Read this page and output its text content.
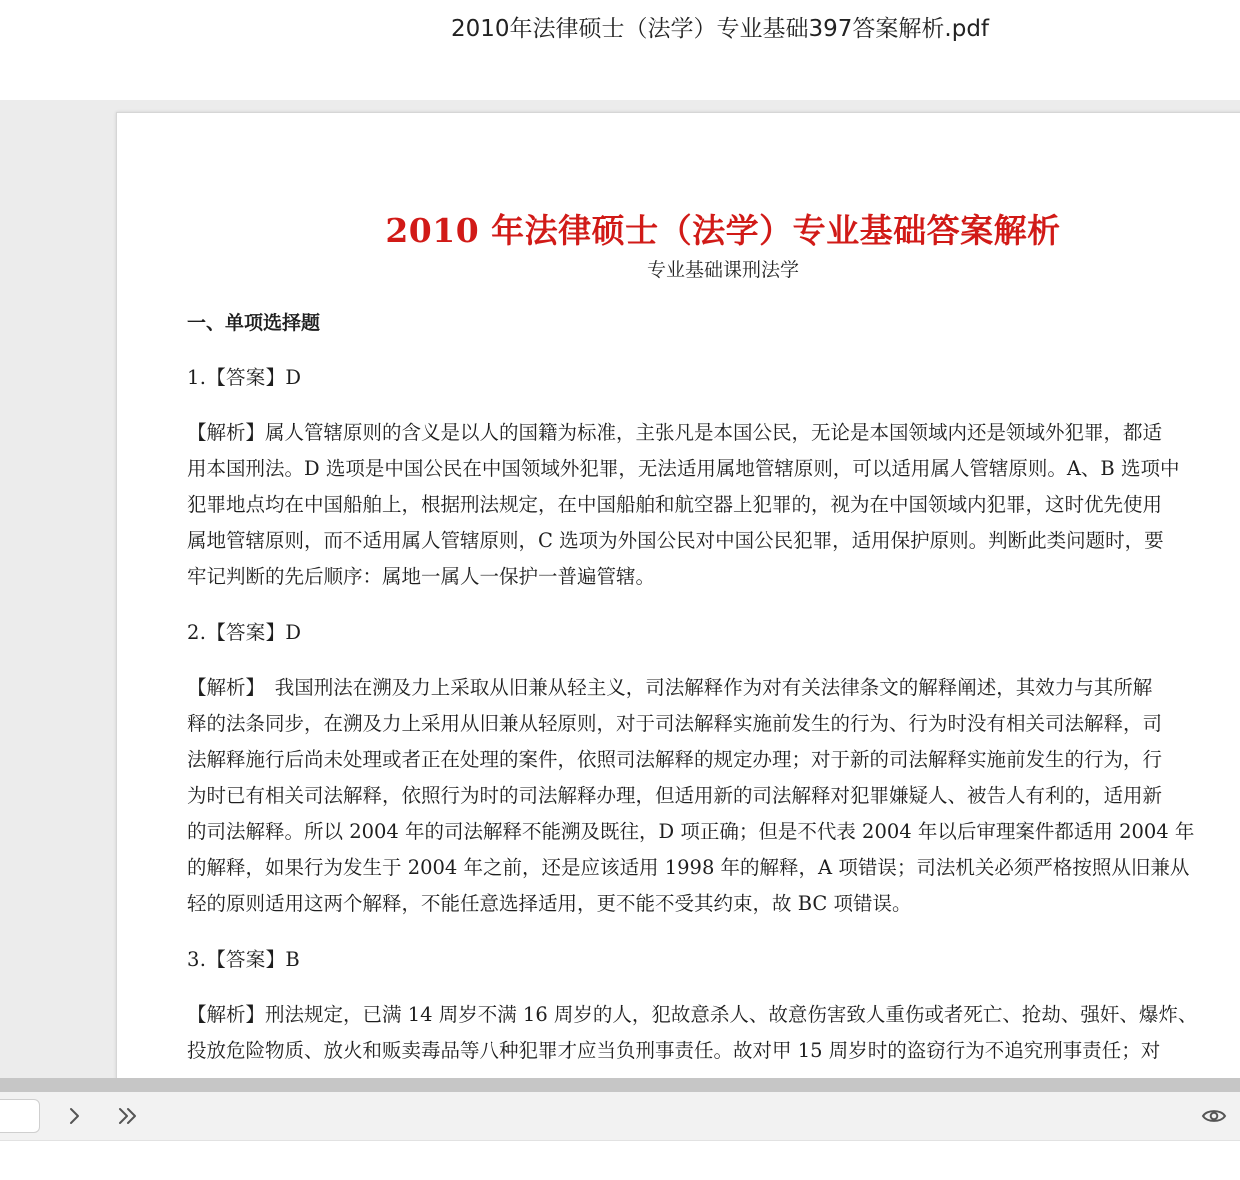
2010年法律硕士（法学）专业基础397答案解析.pdf
2010 年法律硕士（法学）专业基础答案解析
专业基础课刑法学
一、单项选择题
1.【答案】D
【解析】属人管辖原则的含义是以人的国籍为标准，主张凡是本国公民，无论是本国领域内还是领域外犯罪，都适
用本国刑法。D 选项是中国公民在中国领域外犯罪，无法适用属地管辖原则，可以适用属人管辖原则。A、B 选项中
犯罪地点均在中国船舶上，根据刑法规定，在中国船舶和航空器上犯罪的，视为在中国领域内犯罪，这时优先使用
属地管辖原则，而不适用属人管辖原则，C 选项为外国公民对中国公民犯罪，适用保护原则。判断此类问题时，要
牢记判断的先后顺序：属地一属人一保护一普遍管辖。
2.【答案】D
【解析】　我国刑法在溯及力上采取从旧兼从轻主义，司法解释作为对有关法律条文的解释阐述，其效力与其所解
释的法条同步，在溯及力上采用从旧兼从轻原则，对于司法解释实施前发生的行为、行为时没有相关司法解释，司
法解释施行后尚未处理或者正在处理的案件，依照司法解释的规定办理；对于新的司法解释实施前发生的行为，行
为时已有相关司法解释，依照行为时的司法解释办理，但适用新的司法解释对犯罪嫌疑人、被告人有利的，适用新
的司法解释。所以 2004 年的司法解释不能溯及既往，D 项正确；但是不代表 2004 年以后审理案件都适用 2004 年
的解释，如果行为发生于 2004 年之前，还是应该适用 1998 年的解释，A 项错误；司法机关必须严格按照从旧兼从
轻的原则适用这两个解释，不能任意选择适用，更不能不受其约束，故 BC 项错误。
3.【答案】B
【解析】刑法规定，已满 14 周岁不满 16 周岁的人，犯故意杀人、故意伤害致人重伤或者死亡、抢劫、强奸、爆炸、
投放危险物质、放火和贩卖毒品等八种犯罪才应当负刑事责任。故对甲 15 周岁时的盗窃行为不追究刑事责任；对
